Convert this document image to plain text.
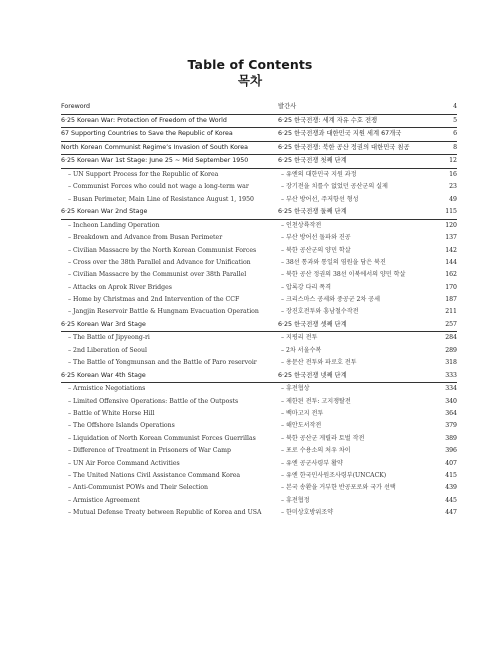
Table of Contents
목차
Foreword	발간사	4
6·25 Korean War: Protection of Freedom of the World	6·25 한국전쟁: 세계 자유 수호 전쟁	5
67 Supporting Countries to Save the Republic of Korea	6·25 한국전쟁과 대한민국 지원 세계 67개국	6
North Korean Communist Regime’s Invasion of South Korea	6·25 한국전쟁: 북한 공산 정권의 대한민국 침공	8
6·25 Korean War 1st Stage: June 25 ~ Mid September 1950	6·25 한국전쟁 첫째 단계	12
– UN Support Process for the Republic of Korea	– 유엔의 대한민국 지원 과정	16
– Communist Forces who could not wage a long-term war	– 장기전을 치를수 없었던 공산군의 실제	23
– Busan Perimeter, Main Line of Resistance August 1, 1950	– 부산 방어선, 주저항선 형성	49
6·25 Korean War 2nd Stage	6·25 한국전쟁 둘째 단계	115
– Incheon Landing Operation	– 인천상륙작전	120
– Breakdown and Advance from Busan Perimeter	– 부산 방어선 돌파와 진공	137
– Civilian Massacre by the North Korean Communist Forces	– 북한 공산군의 양민 학살	142
– Cross over the 38th Parallel and Advance for Unification	– 38선 통과와 통일의 염원을 담은 북진	144
– Civilian Massacre by the Communist over 38th Parallel	– 북한 공산 정권의 38선 이북에서의 양민 학살	162
– Attacks on Aprok River Bridges	– 압록강 다리 폭격	170
– Home by Christmas and 2nd Intervention of the CCF	– 크리스마스 공세와 중공군 2차 공세	187
– Jangjin Reservoir Battle & Hungnam Evacuation Operation	– 장진호전투와 흥남철수작전	211
6·25 Korean War 3rd Stage	6·25 한국전쟁 셋째 단계	257
– The Battle of Jipyeong-ri	– 지평리 전투	284
– 2nd Liberation of Seoul	– 2차 서울수복	289
– The Battle of Yongmunsan and the Battle of Paro reservoir	– 용문산 전투와 파로호 전투	318
6·25 Korean War 4th Stage	6·25 한국전쟁 넷째 단계	333
– Armistice Negotiations	– 휴전협상	334
– Limited Offensive Operations: Battle of the Outposts	– 제한된 전투: 고지쟁탈전	340
– Battle of White Horse Hill	– 백마고지 전투	364
– The Offshore Islands Operations	– 해안도서작전	379
– Liquidation of North Korean Communist Forces Guerrillas	– 북한 공산군 게릴라 토벌 작전	389
– Difference of Treatment in Prisoners of War Camp	– 포로 수용소의 처우 차이	396
– UN Air Force Command Activities	– 유엔 공군사령부 활약	407
– The United Nations Civil Assistance Command Korea	– 유엔 한국민사원조사령부(UNCACK)	415
– Anti-Communist POWs and Their Selection	– 본국 송환을 거부한 반공포로와 국가 선택	439
– Armistice Agreement	– 휴전협정	445
– Mutual Defense Treaty between Republic of Korea and USA	– 한미상호방위조약	447
